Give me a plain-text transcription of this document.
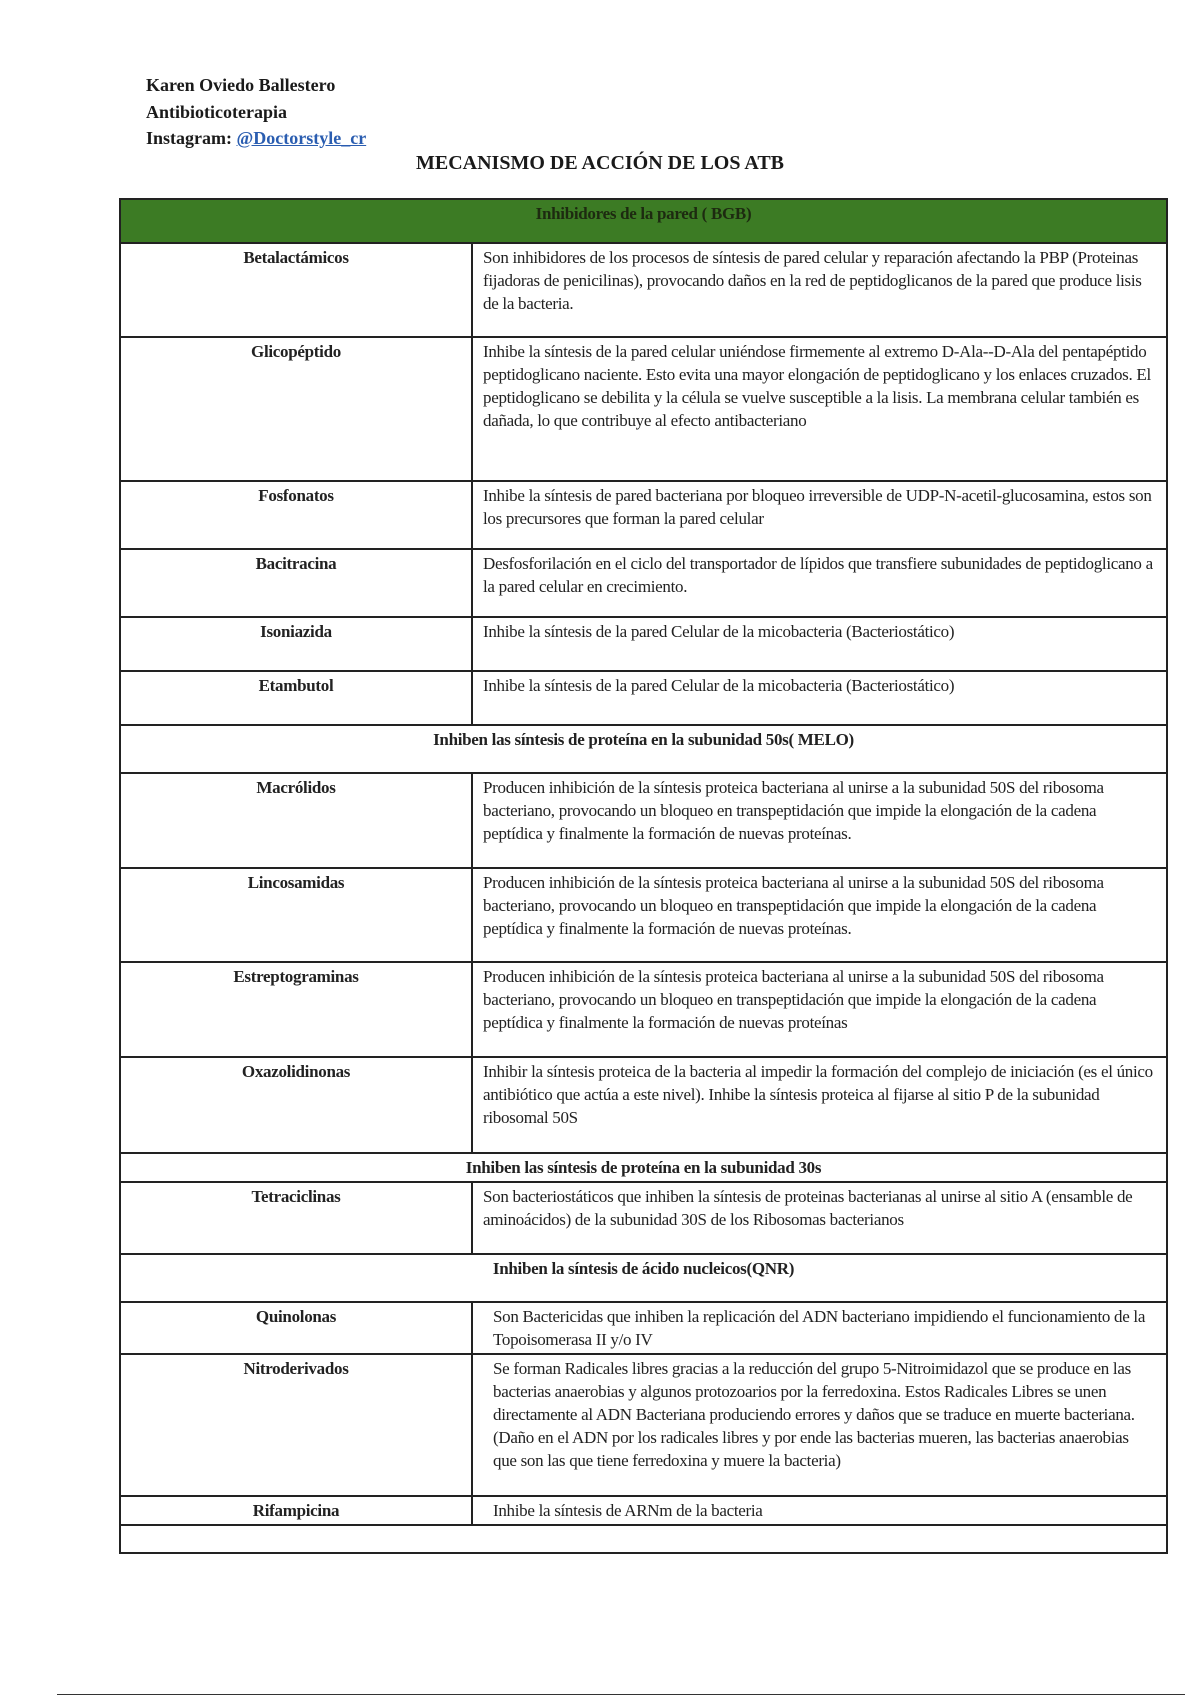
Karen Oviedo Ballestero
Antibioticoterapia
Instagram: @Doctorstyle_cr
MECANISMO DE ACCIÓN DE LOS ATB
Inhibidores de la pared ( BGB)	
Betalactámicos	Son inhibidores de los procesos de síntesis de pared celular y reparación afectando la PBP (Proteinas fijadoras de penicilinas), provocando daños en la red de peptidoglicanos de la pared que produce lisis de la bacteria.
Glicopéptido	Inhibe la síntesis de la pared celular uniéndose firmemente al extremo D-Ala--D-Ala del pentapéptido peptidoglicano naciente. Esto evita una mayor elongación de peptidoglicano y los enlaces cruzados. El peptidoglicano se debilita y la célula se vuelve susceptible a la lisis. La membrana celular también es dañada, lo que contribuye al efecto antibacteriano
Fosfonatos	Inhibe la síntesis de pared bacteriana por bloqueo irreversible de UDP-N-acetil-glucosamina, estos son los precursores que forman la pared celular
Bacitracina	Desfosforilación en el ciclo del transportador de lípidos que transfiere subunidades de peptidoglicano a la pared celular en crecimiento.
Isoniazida	Inhibe la síntesis de la pared Celular de la micobacteria (Bacteriostático)
Etambutol	Inhibe la síntesis de la pared Celular de la micobacteria (Bacteriostático)
Inhiben las síntesis de proteína en la subunidad 50s( MELO)	
Macrólidos	Producen inhibición de la síntesis proteica bacteriana al unirse a la subunidad 50S del ribosoma bacteriano, provocando un bloqueo en transpeptidación que impide la elongación de la cadena peptídica y finalmente la formación de nuevas proteínas.
Lincosamidas	Producen inhibición de la síntesis proteica bacteriana al unirse a la subunidad 50S del ribosoma bacteriano, provocando un bloqueo en transpeptidación que impide la elongación de la cadena peptídica y finalmente la formación de nuevas proteínas.
Estreptograminas	Producen inhibición de la síntesis proteica bacteriana al unirse a la subunidad 50S del ribosoma bacteriano, provocando un bloqueo en transpeptidación que impide la elongación de la cadena peptídica y finalmente la formación de nuevas proteínas
Oxazolidinonas	Inhibir la síntesis proteica de la bacteria al impedir la formación del complejo de iniciación (es el único antibiótico que actúa a este nivel). Inhibe la síntesis proteica al fijarse al sitio P de la subunidad ribosomal 50S
Inhiben las síntesis de proteína en la subunidad 30s	
Tetraciclinas	Son bacteriostáticos que inhiben la síntesis de proteinas bacterianas al unirse al sitio A (ensamble de aminoácidos) de la subunidad 30S de los Ribosomas bacterianos
Inhiben la síntesis de ácido nucleicos(QNR)	
Quinolonas	Son Bactericidas que inhiben la replicación del ADN bacteriano impidiendo el funcionamiento de la Topoisomerasa II y/o IV
Nitroderivados	Se forman Radicales libres gracias a la reducción del grupo 5-Nitroimidazol que se produce en las bacterias anaerobias y algunos protozoarios por la ferredoxina. Estos Radicales Libres se unen directamente al ADN Bacteriana produciendo errores y daños que se traduce en muerte bacteriana. (Daño en el ADN por los radicales libres y por ende las bacterias mueren, las bacterias anaerobias que son las que tiene ferredoxina y muere la bacteria)
Rifampicina	Inhibe la síntesis de ARNm de la bacteria
